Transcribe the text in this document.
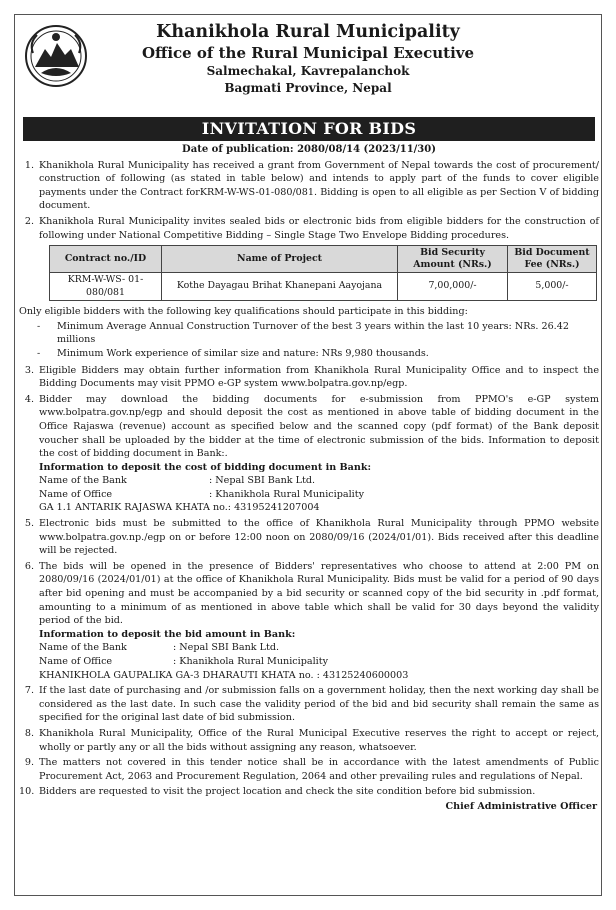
Khanikhola Rural Municipality
Office of the Rural Municipal Executive
Salmechakal, Kavrepalanchok
Bagmati Province, Nepal
INVITATION FOR BIDS
Date of publication: 2080/08/14 (2023/11/30)
1. Khanikhola Rural Municipality has received a grant from Government of Nepal towards the cost of procurement/ construction of following (as stated in table below) and intends to apply part of the funds to cover eligible payments under the Contract forKRM-W-WS-01-080/081. Bidding is open to all eligible as per Section V of bidding document.
2. Khanikhola Rural Municipality invites sealed bids or electronic bids from eligible bidders for the construction of following under National Competitive Bidding – Single Stage Two Envelope Bidding procedures.
Contract no./ID	Name of Project	Bid Security Amount (NRs.)	Bid Document Fee (NRs.)
KRM-W-WS- 01-080/081	Kothe Dayagau Brihat Khanepani Aayojana	7,00,000/-	5,000/-
Only eligible bidders with the following key qualifications should participate in this bidding:
-	Minimum Average Annual Construction Turnover of the best 3 years within the last 10 years: NRs. 26.42 millions
-	Minimum Work experience of similar size and nature: NRs 9,980 thousands.
3. Eligible Bidders may obtain further information from Khanikhola Rural Municipality Office and to inspect the Bidding Documents may visit PPMO e-GP system www.bolpatra.gov.np/egp.
4. Bidder may download the bidding documents for e-submission from PPMO's e-GP system www.bolpatra.gov.np/egp and should deposit the cost as mentioned in above table of bidding document in the Office Rajaswa (revenue) account as specified below and the scanned copy (pdf format) of the Bank deposit voucher shall be uploaded by the bidder at the time of electronic submission of the bids. Information to deposit the cost of bidding document in Bank:.
Information to deposit the cost of bidding document in Bank:
Name of the Bank	: Nepal SBI Bank Ltd.
Name of Office	: Khanikhola Rural Municipality
GA 1.1 ANTARIK RAJASWA KHATA no.: 43195241207004
5. Electronic bids must be submitted to the office of Khanikhola Rural Municipality through PPMO website www.bolpatra.gov.np./egp on or before 12:00 noon on 2080/09/16 (2024/01/01). Bids received after this deadline will be rejected.
6. The bids will be opened in the presence of Bidders' representatives who choose to attend at 2:00 PM on 2080/09/16 (2024/01/01) at the office of Khanikhola Rural Municipality. Bids must be valid for a period of 90 days after bid opening and must be accompanied by a bid security or scanned copy of the bid security in .pdf format, amounting to a minimum of as mentioned in above table which shall be valid for 30 days beyond the validity period of the bid.
Information to deposit the bid amount in Bank:
Name of the Bank	: Nepal SBI Bank Ltd.
Name of Office	: Khanikhola Rural Municipality
KHANIKHOLA GAUPALIKA GA-3 DHARAUTI KHATA no. : 43125240600003
7. If the last date of purchasing and /or submission falls on a government holiday, then the next working day shall be considered as the last date. In such case the validity period of the bid and bid security shall remain the same as specified for the original last date of bid submission.
8. Khanikhola Rural Municipality, Office of the Rural Municipal Executive reserves the right to accept or reject, wholly or partly any or all the bids without assigning any reason, whatsoever.
9. The matters not covered in this tender notice shall be in accordance with the latest amendments of Public Procurement Act, 2063 and Procurement Regulation, 2064 and other prevailing rules and regulations of Nepal.
10. Bidders are requested to visit the project location and check the site condition before bid submission.
Chief Administrative Officer
